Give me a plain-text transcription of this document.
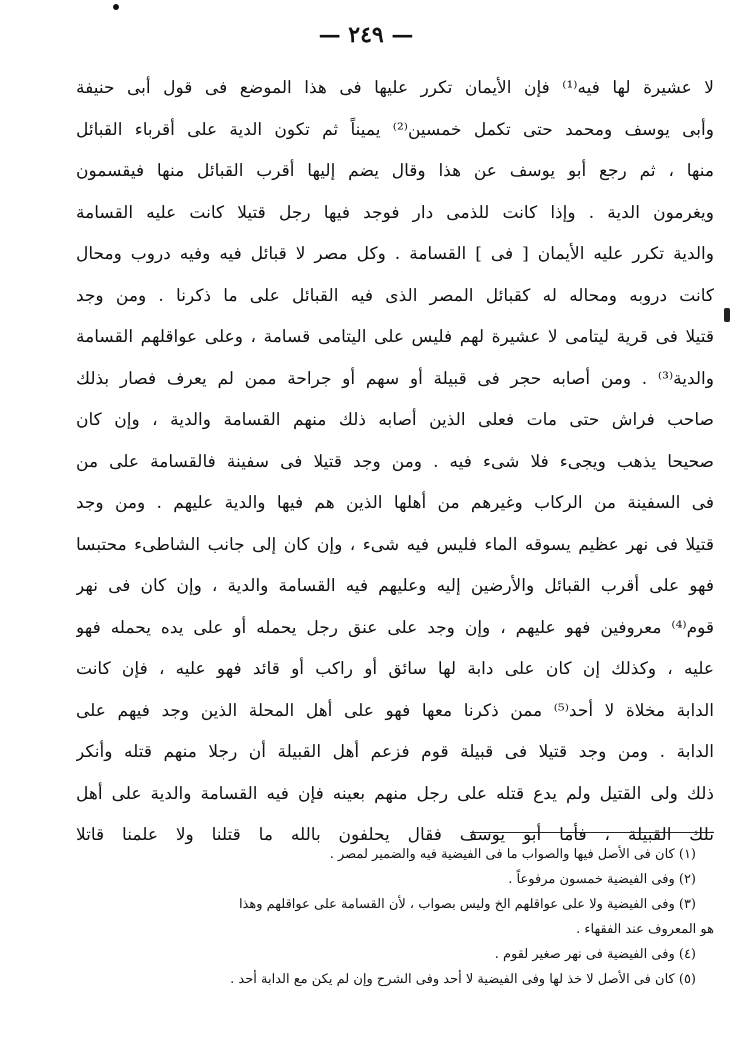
— ٢٤٩ —
لا عشيرة لها فيه⁽¹⁾ فإن الأيمان تكرر عليها فى هذا الموضع فى قول أبى حنيفة
وأبى يوسف ومحمد حتى تكمل خمسين⁽²⁾ يميناً ثم تكون الدية على أقرباء القبائل
منها ، ثم رجع أبو يوسف عن هذا وقال يضم إليها أقرب القبائل منها فيقسمون
ويغرمون الدية . وإذا كانت للذمى دار فوجد فيها رجل قتيلا كانت عليه القسامة
والدية تكرر عليه الأيمان [ فى ] القسامة . وكل مصر لا قبائل فيه وفيه دروب ومحال
كانت دروبه ومحاله له كقبائل المصر الذى فيه القبائل على ما ذكرنا . ومن وجد
قتيلا فى قرية ليتامى لا عشيرة لهم فليس على اليتامى قسامة ، وعلى عواقلهم القسامة
والدية⁽³⁾ . ومن أصابه حجر فى قبيلة أو سهم أو جراحة ممن لم يعرف فصار بذلك
صاحب فراش حتى مات فعلى الذين أصابه ذلك منهم القسامة والدية ، وإن كان
صحيحا يذهب ويجىء فلا شىء فيه . ومن وجد قتيلا فى سفينة فالقسامة على من
فى السفينة من الركاب وغيرهم من أهلها الذين هم فيها والدية عليهم . ومن وجد
قتيلا فى نهر عظيم يسوقه الماء فليس فيه شىء ، وإن كان إلى جانب الشاطىء محتبسا
فهو على أقرب القبائل والأرضين إليه وعليهم فيه القسامة والدية ، وإن كان فى نهر
قوم⁽⁴⁾ معروفين فهو عليهم ، وإن وجد على عنق رجل يحمله أو على يده يحمله فهو
عليه ، وكذلك إن كان على دابة لها سائق أو راكب أو قائد فهو عليه ، فإن كانت
الدابة مخلاة لا أحد⁽⁵⁾ ممن ذكرنا معها فهو على أهل المحلة الذين وجد فيهم على
الدابة . ومن وجد قتيلا فى قبيلة قوم فزعم أهل القبيلة أن رجلا منهم قتله وأنكر
ذلك ولى القتيل ولم يدع قتله على رجل منهم بعينه فإن فيه القسامة والدية على أهل
تلك القبيلة ، فأما أبو يوسف فقال يحلفون بالله ما قتلنا ولا علمنا قاتلا
(١) كان فى الأصل فيها والصواب ما فى الفيضية فيه والضمير لمصر .
(٢) وفى الفيضية خمسون مرفوعاً .
(٣) وفى الفيضية ولا على عواقلهم الخ وليس بصواب ، لأن القسامة على عواقلهم وهذا
هو المعروف عند الفقهاء .
(٤) وفى الفيضية فى نهر صغير لقوم .
(٥) كان فى الأصل لا خذ لها وفى الفيضية لا أحد وفى الشرح وإن لم يكن مع الدابة أحد .
